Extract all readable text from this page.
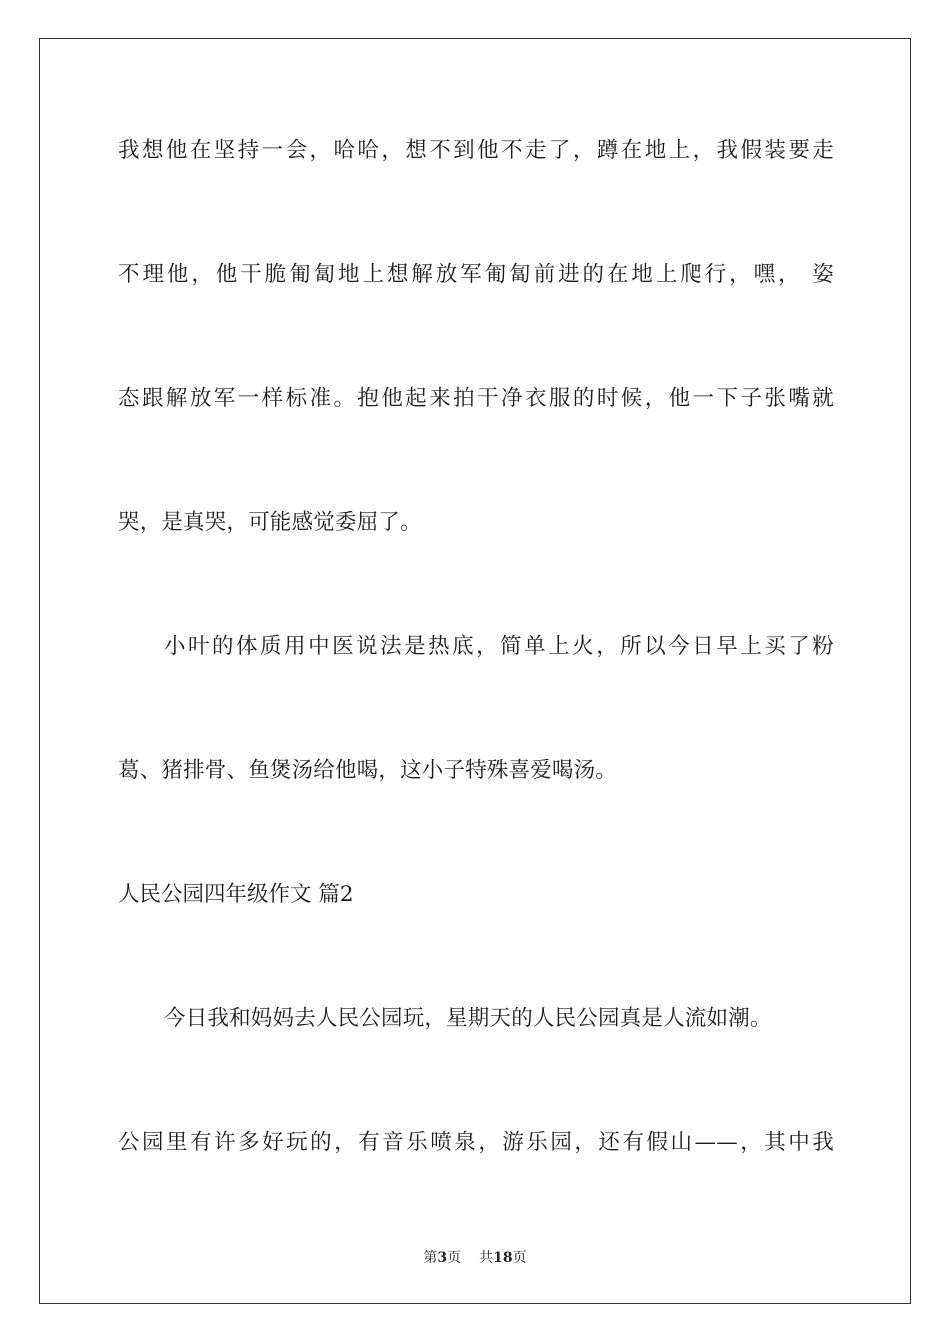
我想他在坚持一会，哈哈，想不到他不走了，蹲在地上，我假装要走
不理他，他干脆匍匐地上想解放军匍匐前进的在地上爬行，嘿， 姿
态跟解放军一样标准。抱他起来拍干净衣服的时候，他一下子张嘴就
哭，是真哭，可能感觉委屈了。
小叶的体质用中医说法是热底，简单上火，所以今日早上买了粉
葛、猪排骨、鱼煲汤给他喝，这小子特殊喜爱喝汤。
人民公园四年级作文 篇2
今日我和妈妈去人民公园玩，星期天的人民公园真是人流如潮。
公园里有许多好玩的，有音乐喷泉，游乐园，还有假山——，其中我
第3页 共18页
